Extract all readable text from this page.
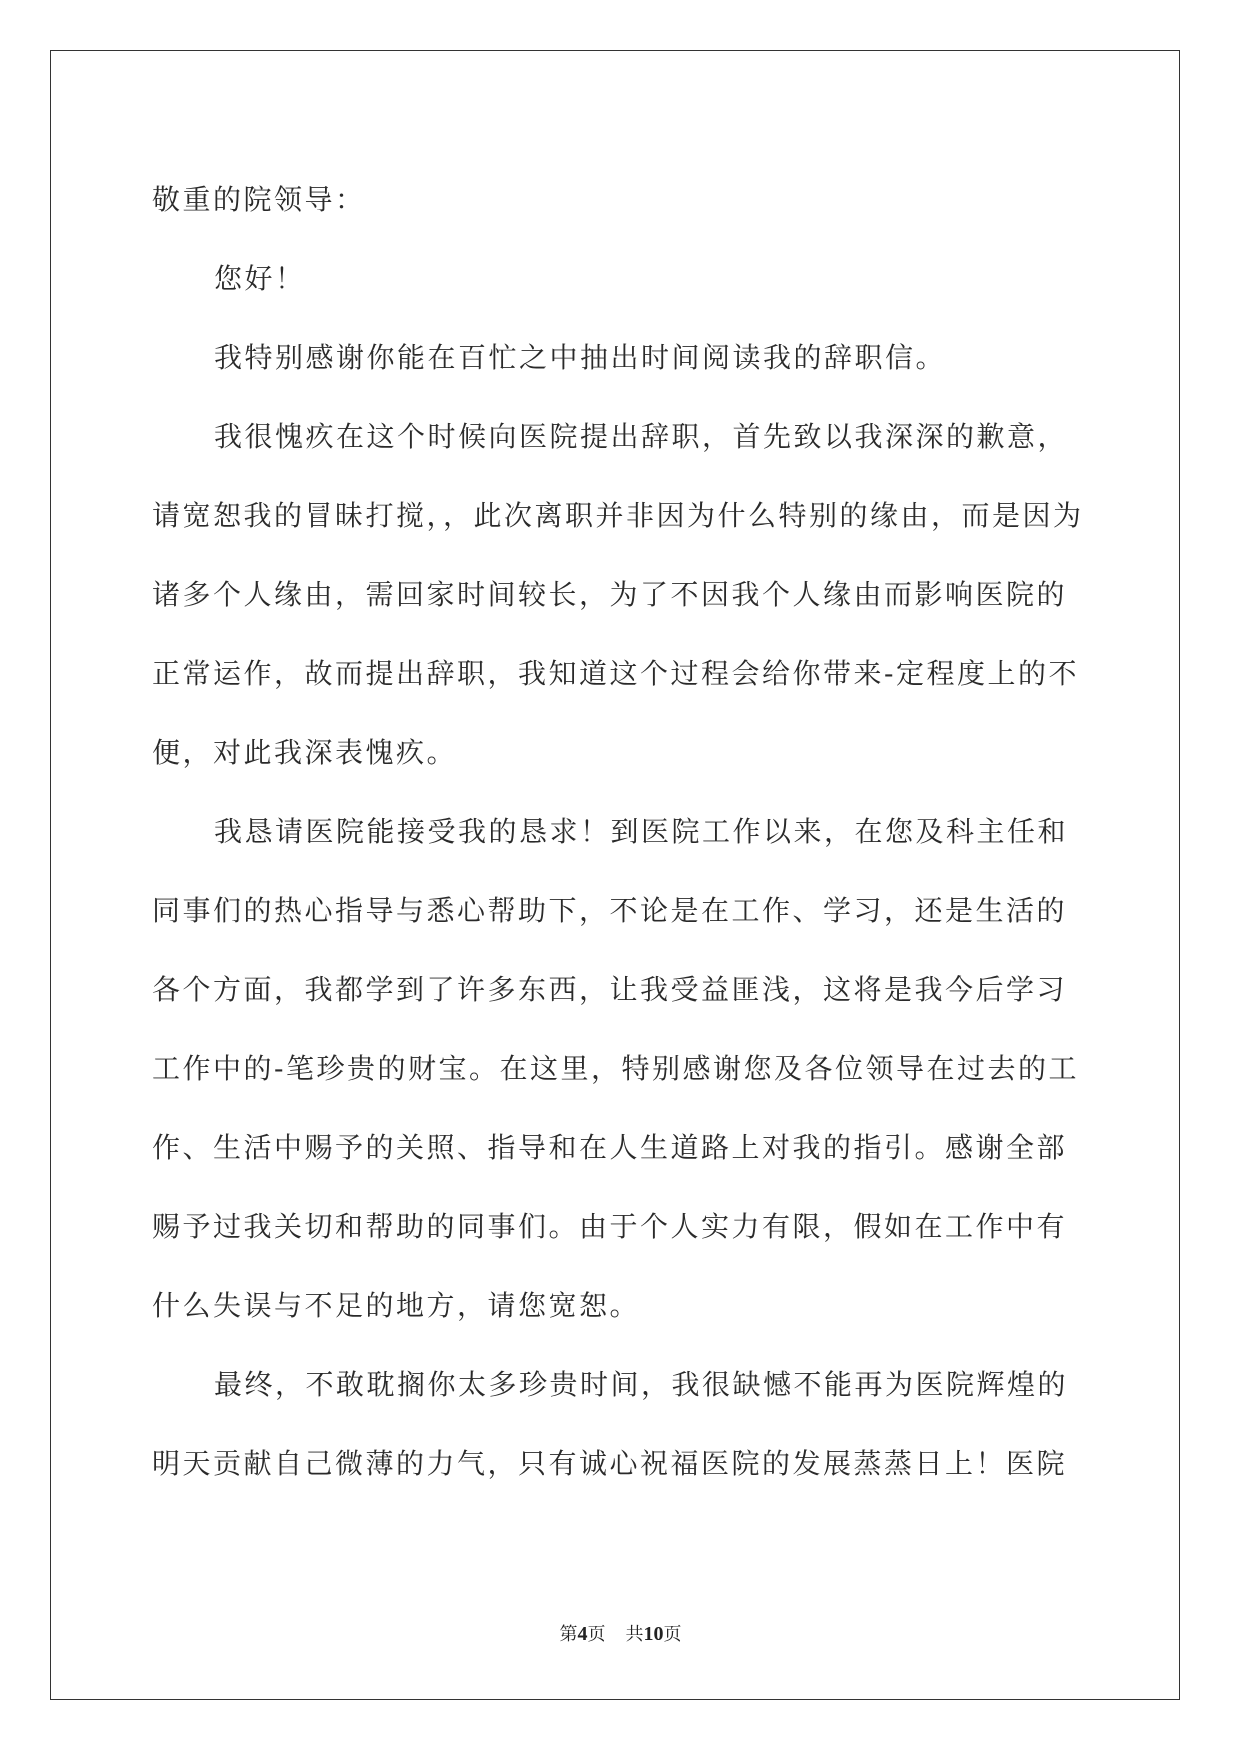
敬重的院领导：
您好！
我特别感谢你能在百忙之中抽出时间阅读我的辞职信。
我很愧疚在这个时候向医院提出辞职，首先致以我深深的歉意，
请宽恕我的冒昧打搅，，此次离职并非因为什么特别的缘由，而是因为
诸多个人缘由，需回家时间较长，为了不因我个人缘由而影响医院的
正常运作，故而提出辞职，我知道这个过程会给你带来-定程度上的不
便，对此我深表愧疚。
我恳请医院能接受我的恳求！到医院工作以来，在您及科主任和
同事们的热心指导与悉心帮助下，不论是在工作、学习，还是生活的
各个方面，我都学到了许多东西，让我受益匪浅，这将是我今后学习
工作中的-笔珍贵的财宝。在这里，特别感谢您及各位领导在过去的工
作、生活中赐予的关照、指导和在人生道路上对我的指引。感谢全部
赐予过我关切和帮助的同事们。由于个人实力有限，假如在工作中有
什么失误与不足的地方，请您宽恕。
最终，不敢耽搁你太多珍贵时间，我很缺憾不能再为医院辉煌的
明天贡献自己微薄的力气，只有诚心祝福医院的发展蒸蒸日上！医院
第4页 共10页
